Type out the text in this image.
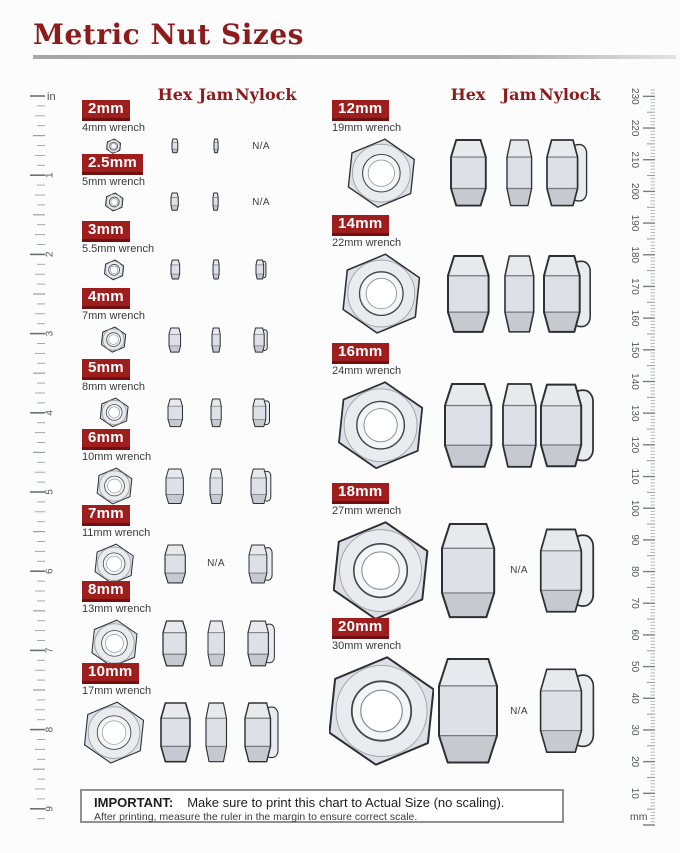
Metric Nut Sizes
Hex Jam Nylock
2mm
4mm wrench
N/A
2.5mm
5mm wrench
N/A
3mm
5.5mm wrench
4mm
7mm wrench
5mm
8mm wrench
6mm
10mm wrench
7mm
11mm wrench
N/A
8mm
13mm wrench
10mm
17mm wrench
Hex	Jam Nylock
12mm
19mm wrench
14mm
22mm wrench
16mm
24mm wrench
18mm
27mm wrench
N/A
20mm
30mm wrench
N/A
1
2
3
4
5
6
7
8
9
in
10
20
30
40
50
60
70
80
90
100
110
120
130
140
150
160
170
180
190
200
210
220
230
mm
IMPORTANT: Make sure to print this chart to Actual Size (no scaling).
After printing, measure the ruler in the margin to ensure correct scale.
